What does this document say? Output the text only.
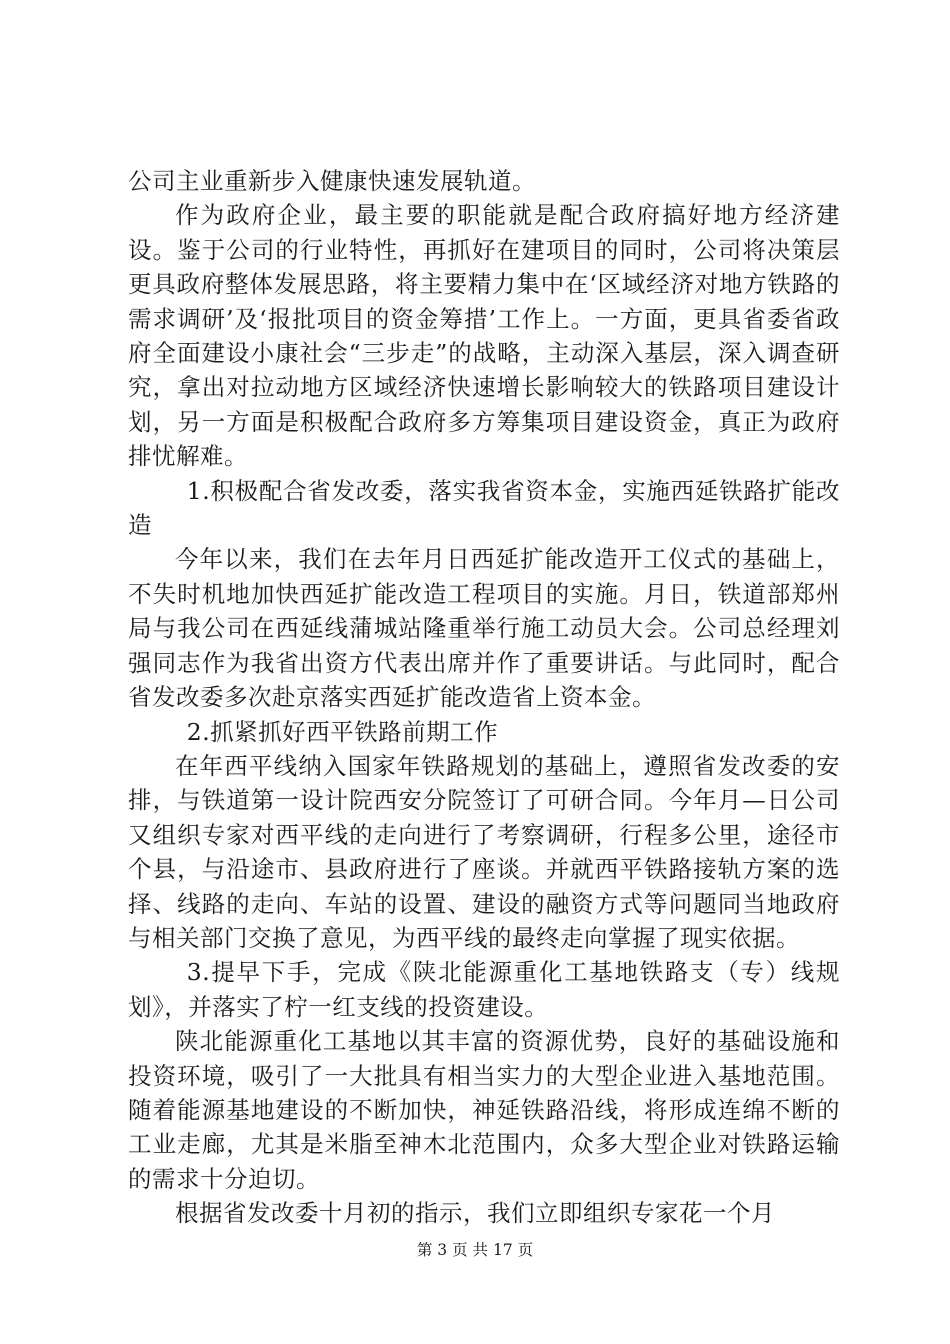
公司主业重新步入健康快速发展轨道。

作为政府企业，最主要的职能就是配合政府搞好地方经济建设。鉴于公司的行业特性，再抓好在建项目的同时，公司将决策层更具政府整体发展思路，将主要精力集中在‘区域经济对地方铁路的需求调研’及‘报批项目的资金筹措’工作上。一方面，更具省委省政府全面建设小康社会“三步走”的战略，主动深入基层，深入调查研究，拿出对拉动地方区域经济快速增长影响较大的铁路项目建设计划，另一方面是积极配合政府多方筹集项目建设资金，真正为政府排忧解难。

1.积极配合省发改委，落实我省资本金，实施西延铁路扩能改造

今年以来，我们在去年月日西延扩能改造开工仪式的基础上，不失时机地加快西延扩能改造工程项目的实施。月日，铁道部郑州局与我公司在西延线蒲城站隆重举行施工动员大会。公司总经理刘强同志作为我省出资方代表出席并作了重要讲话。与此同时，配合省发改委多次赴京落实西延扩能改造省上资本金。

2.抓紧抓好西平铁路前期工作

在年西平线纳入国家年铁路规划的基础上，遵照省发改委的安排，与铁道第一设计院西安分院签订了可研合同。今年月—日公司又组织专家对西平线的走向进行了考察调研，行程多公里，途径市个县，与沿途市、县政府进行了座谈。并就西平铁路接轨方案的选择、线路的走向、车站的设置、建设的融资方式等问题同当地政府与相关部门交换了意见，为西平线的最终走向掌握了现实依据。

3.提早下手，完成《陕北能源重化工基地铁路支（专）线规划》，并落实了柠一红支线的投资建设。

陕北能源重化工基地以其丰富的资源优势，良好的基础设施和投资环境，吸引了一大批具有相当实力的大型企业进入基地范围。随着能源基地建设的不断加快，神延铁路沿线，将形成连绵不断的工业走廊，尤其是米脂至神木北范围内，众多大型企业对铁路运输的需求十分迫切。

根据省发改委十月初的指示，我们立即组织专家花一个月

第 3 页 共 17 页
